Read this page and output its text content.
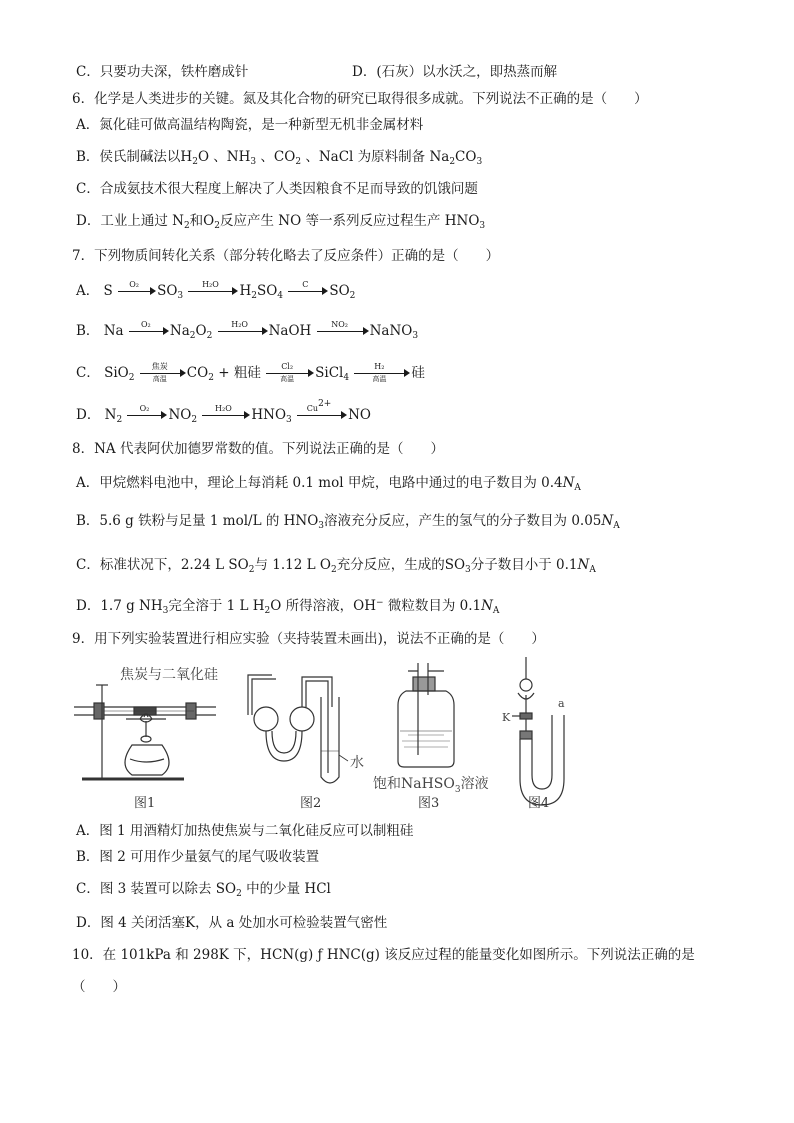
C．只要功夫深，铁杵磨成针	D．(石灰）以水沃之，即热蒸而解
6．化学是人类进步的关键。氮及其化合物的研究已取得很多成就。下列说法不正确的是（　　）
A．氮化硅可做高温结构陶瓷，是一种新型无机非金属材料
B．侯氏制碱法以$H_2O$ 、$NH_3$ 、$CO_2$ 、NaCl 为原料制备 $Na_2CO_3$
C．合成氨技术很大程度上解决了人类因粮食不足而导致的饥饿问题
D．工业上通过 $N_2$和$O_2$反应产生 NO 等一系列反应过程生产 $HNO_3$
7．下列物质间转化关系（部分转化略去了反应条件）正确的是（　　）
A． S	O₂	$SO_3$
H₂O	$H_2SO_4$
C	$SO_2$
B． Na	O₂	$Na_2O_2$
H₂O	NaOH	NO₂	NaNO$_3$
C． SiO$_2$
焦炭
高温	$CO_2$ + 粗硅	Cl₂
高温	SiCl$_4$
H₂
高温	硅
D． $N_2$
O₂	$NO_2$
H₂O	$HNO_3$
$Cu^{2+}$
NO
8．NA 代表阿伏加德罗常数的值。下列说法正确的是（　　）
A．甲烷燃料电池中，理论上每消耗 0.1 mol 甲烷，电路中通过的电子数目为 $0.4N_A$
B．5.6 g 铁粉与足量 1 mol/L 的 $HNO_3$溶液充分反应，产生的氢气的分子数目为 $0.05N_A$
C．标准状况下，2.24 L $SO_2$与 1.12 L $O_2$充分反应，生成的$SO_3$分子数目小于 $0.1N_A$
D．1.7 g $NH_3$完全溶于 1 L $H_2O$ 所得溶液，OH− 微粒数目为 $0.1N_A$
9．用下列实验装置进行相应实验（夹持装置未画出)，说法不正确的是（　　）
焦炭与二氧化硅
水
饱和NaHSO$_3$溶液
K
a
图1	图2	图3	图4
A．图 1 用酒精灯加热使焦炭与二氧化硅反应可以制粗硅
B．图 2 可用作少量氨气的尾气吸收装置
C．图 3 装置可以除去 $SO_2$ 中的少量 HCl
D．图 4 关闭活塞K，从 a 处加水可检验装置气密性
10．在 101kPa 和 298K 下，HCN(g) ƒ HNC(g) 该反应过程的能量变化如图所示。下列说法正确的是
（　　）
